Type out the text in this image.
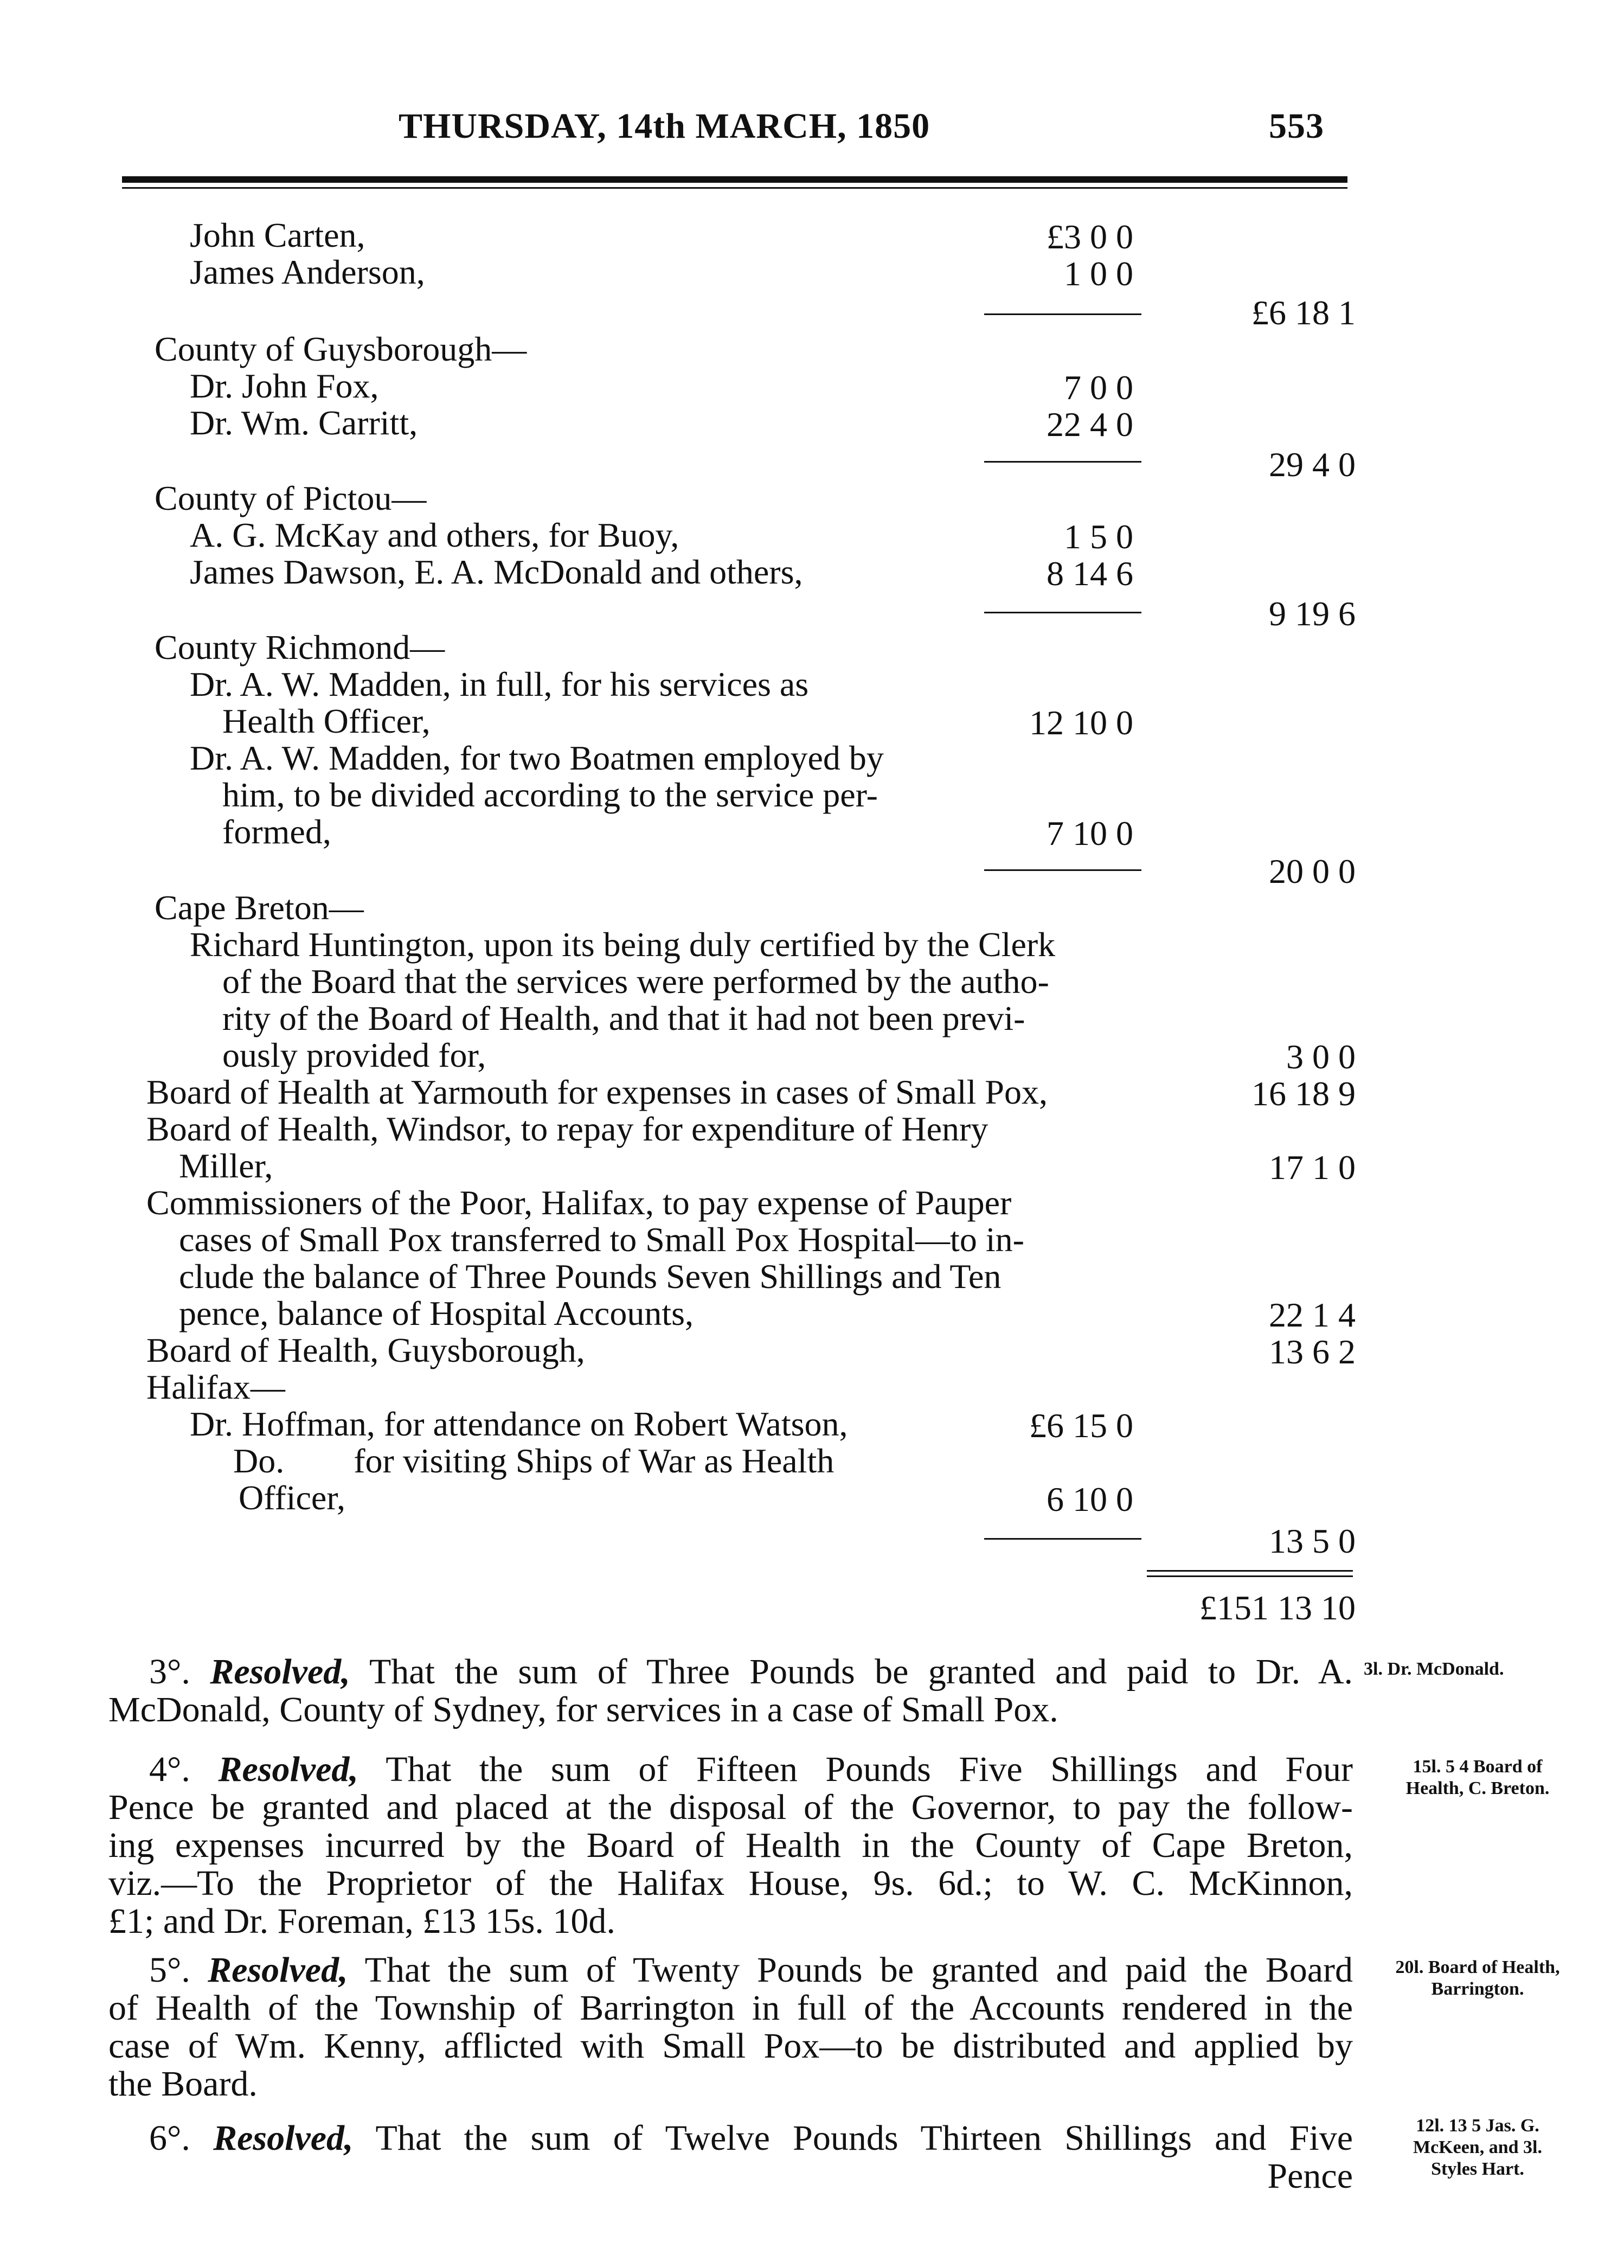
THURSDAY, 14th MARCH, 1850	553
John Carten,	£3 0 0
James Anderson,	1 0 0
£6 18 1
County of Guysborough—
Dr. John Fox,	7 0 0
Dr. Wm. Carritt,	22 4 0
29 4 0
County of Pictou—
A. G. McKay and others, for Buoy,	1 5 0
James Dawson, E. A. McDonald and others,	8 14 6
9 19 6
County Richmond—
Dr. A. W. Madden, in full, for his services as
Health Officer,	12 10 0
Dr. A. W. Madden, for two Boatmen employed by
him, to be divided according to the service per-
formed,	7 10 0
20 0 0
Cape Breton—
Richard Huntington, upon its being duly certified by the Clerk
of the Board that the services were performed by the autho-
rity of the Board of Health, and that it had not been previ-
ously provided for,	3 0 0
Board of Health at Yarmouth for expenses in cases of Small Pox,	16 18 9
Board of Health, Windsor, to repay for expenditure of Henry
Miller,	17 1 0
Commissioners of the Poor, Halifax, to pay expense of Pauper
cases of Small Pox transferred to Small Pox Hospital—to in-
clude the balance of Three Pounds Seven Shillings and Ten
pence, balance of Hospital Accounts,	22 1 4
Board of Health, Guysborough,	13 6 2
Halifax—
Dr. Hoffman, for attendance on Robert Watson,	£6 15 0
Do.        for visiting Ships of War as Health
Officer,	6 10 0
13 5 0
£151 13 10
3°. Resolved, That the sum of Three Pounds be granted and paid to Dr. A.
McDonald, County of Sydney, for services in a case of Small Pox.
3l. Dr. McDonald.
4°. Resolved, That the sum of Fifteen Pounds Five Shillings and Four
Pence be granted and placed at the disposal of the Governor, to pay the follow-
ing expenses incurred by the Board of Health in the County of Cape Breton,
viz.—To the Proprietor of the Halifax House, 9s. 6d.; to W. C. McKinnon,
£1; and Dr. Foreman, £13 15s. 10d.
15l. 5 4 Board of
Health, C. Breton.
5°. Resolved, That the sum of Twenty Pounds be granted and paid the Board
of Health of the Township of Barrington in full of the Accounts rendered in the
case of Wm. Kenny, afflicted with Small Pox—to be distributed and applied by
the Board.
20l. Board of Health,
Barrington.
6°. Resolved, That the sum of Twelve Pounds Thirteen Shillings and Five
Pence
12l. 13 5 Jas. G.
McKeen, and 3l.
Styles Hart.
